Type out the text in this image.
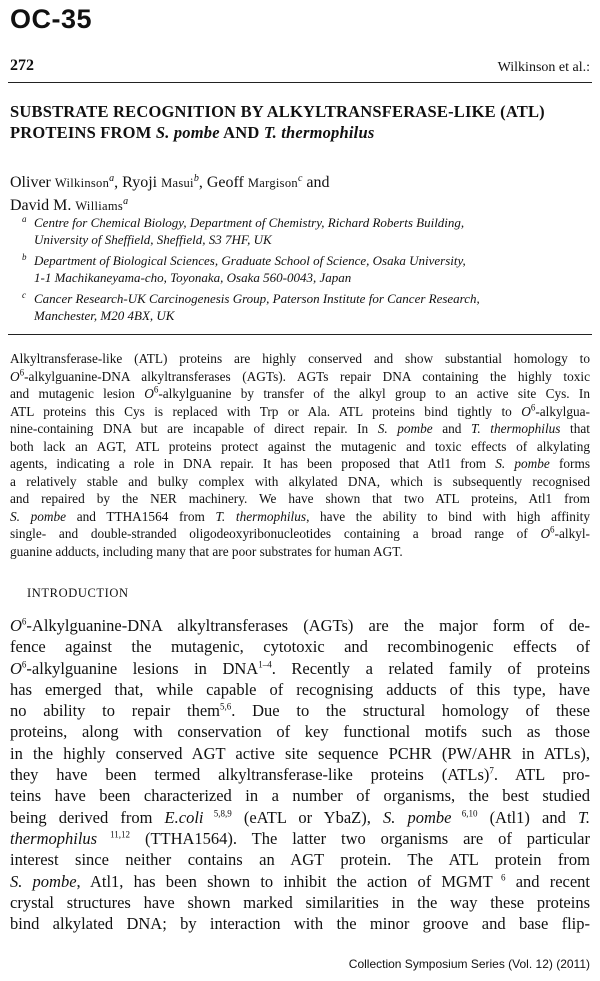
OC-35
272	Wilkinson et al.:
SUBSTRATE RECOGNITION BY ALKYLTRANSFERASE-LIKE (ATL)
PROTEINS FROM S. pombe AND T. thermophilus
Oliver Wilkinson$^a$, Ryoji Masui$^b$, Geoff Margison$^c$ and
David M. Williams$^a$
a Centre for Chemical Biology, Department of Chemistry, Richard Roberts Building,
University of Sheffield, Sheffield, S3 7HF, UK
b Department of Biological Sciences, Graduate School of Science, Osaka University,
1-1 Machikaneyama-cho, Toyonaka, Osaka 560-0043, Japan
c Cancer Research-UK Carcinogenesis Group, Paterson Institute for Cancer Research,
Manchester, M20 4BX, UK
Alkyltransferase-like (ATL) proteins are highly conserved and show substantial homology to
$O^6-alkylguanine$-DNA alkyltransferases (AGTs). AGTs repair DNA containing the highly toxic
and mutagenic lesion $O^6$-alkylguanine by transfer of the alkyl group to an active site Cys. In
ATL proteins this Cys is replaced with Trp or Ala. ATL proteins bind tightly to $O^6-alkylgua-$
nine-containing DNA but are incapable of direct repair. In S. pombe and T. thermophilus that
both lack an AGT, ATL proteins protect against the mutagenic and toxic effects of alkylating
agents, indicating a role in DNA repair. It has been proposed that Atl1 from S. pombe forms
a relatively stable and bulky complex with alkylated DNA, which is subsequently recognised
and repaired by the NER machinery. We have shown that two ATL proteins, Atl1 from
S. pombe and TTHA1564 from T. thermophilus, have the ability to bind with high affinity
single- and double-stranded oligodeoxyribonucleotides containing a broad range of $O^6-alkyl-$
guanine adducts, including many that are poor substrates for human AGT.
INTRODUCTION
$O^6-Alkylguanine$-DNA alkyltransferases (AGTs) are the major form of de-
fence against the mutagenic, cytotoxic and recombinogenic effects of
$O^6$-alkylguanine lesions in DNA$^{1-4}$. Recently a related family of proteins
has emerged that, while capable of recognising adducts of this type, have
no ability to repair them$^{5,6}$. Due to the structural homology of these
proteins, along with conservation of key functional motifs such as those
in the highly conserved AGT active site sequence PCHR (PW/AHR in ATLs),
they have been termed alkyltransferase-like proteins (ATLs)$^7$. ATL pro-
teins have been characterized in a number of organisms, the best studied
being derived from E.coli $^{5,8,9}$ (eATL or YbaZ), S. pombe $^{6,10}$ (Atl1) and T.
thermophilus $^{11,12}$ (TTHA1564). The latter two organisms are of particular
interest since neither contains an AGT protein. The ATL protein from
S. pombe, Atl1, has been shown to inhibit the action of MGMT $^6$ and recent
crystal structures have shown marked similarities in the way these proteins
bind alkylated DNA; by interaction with the minor groove and base flip-
Collection Symposium Series (Vol. 12) (2011)
